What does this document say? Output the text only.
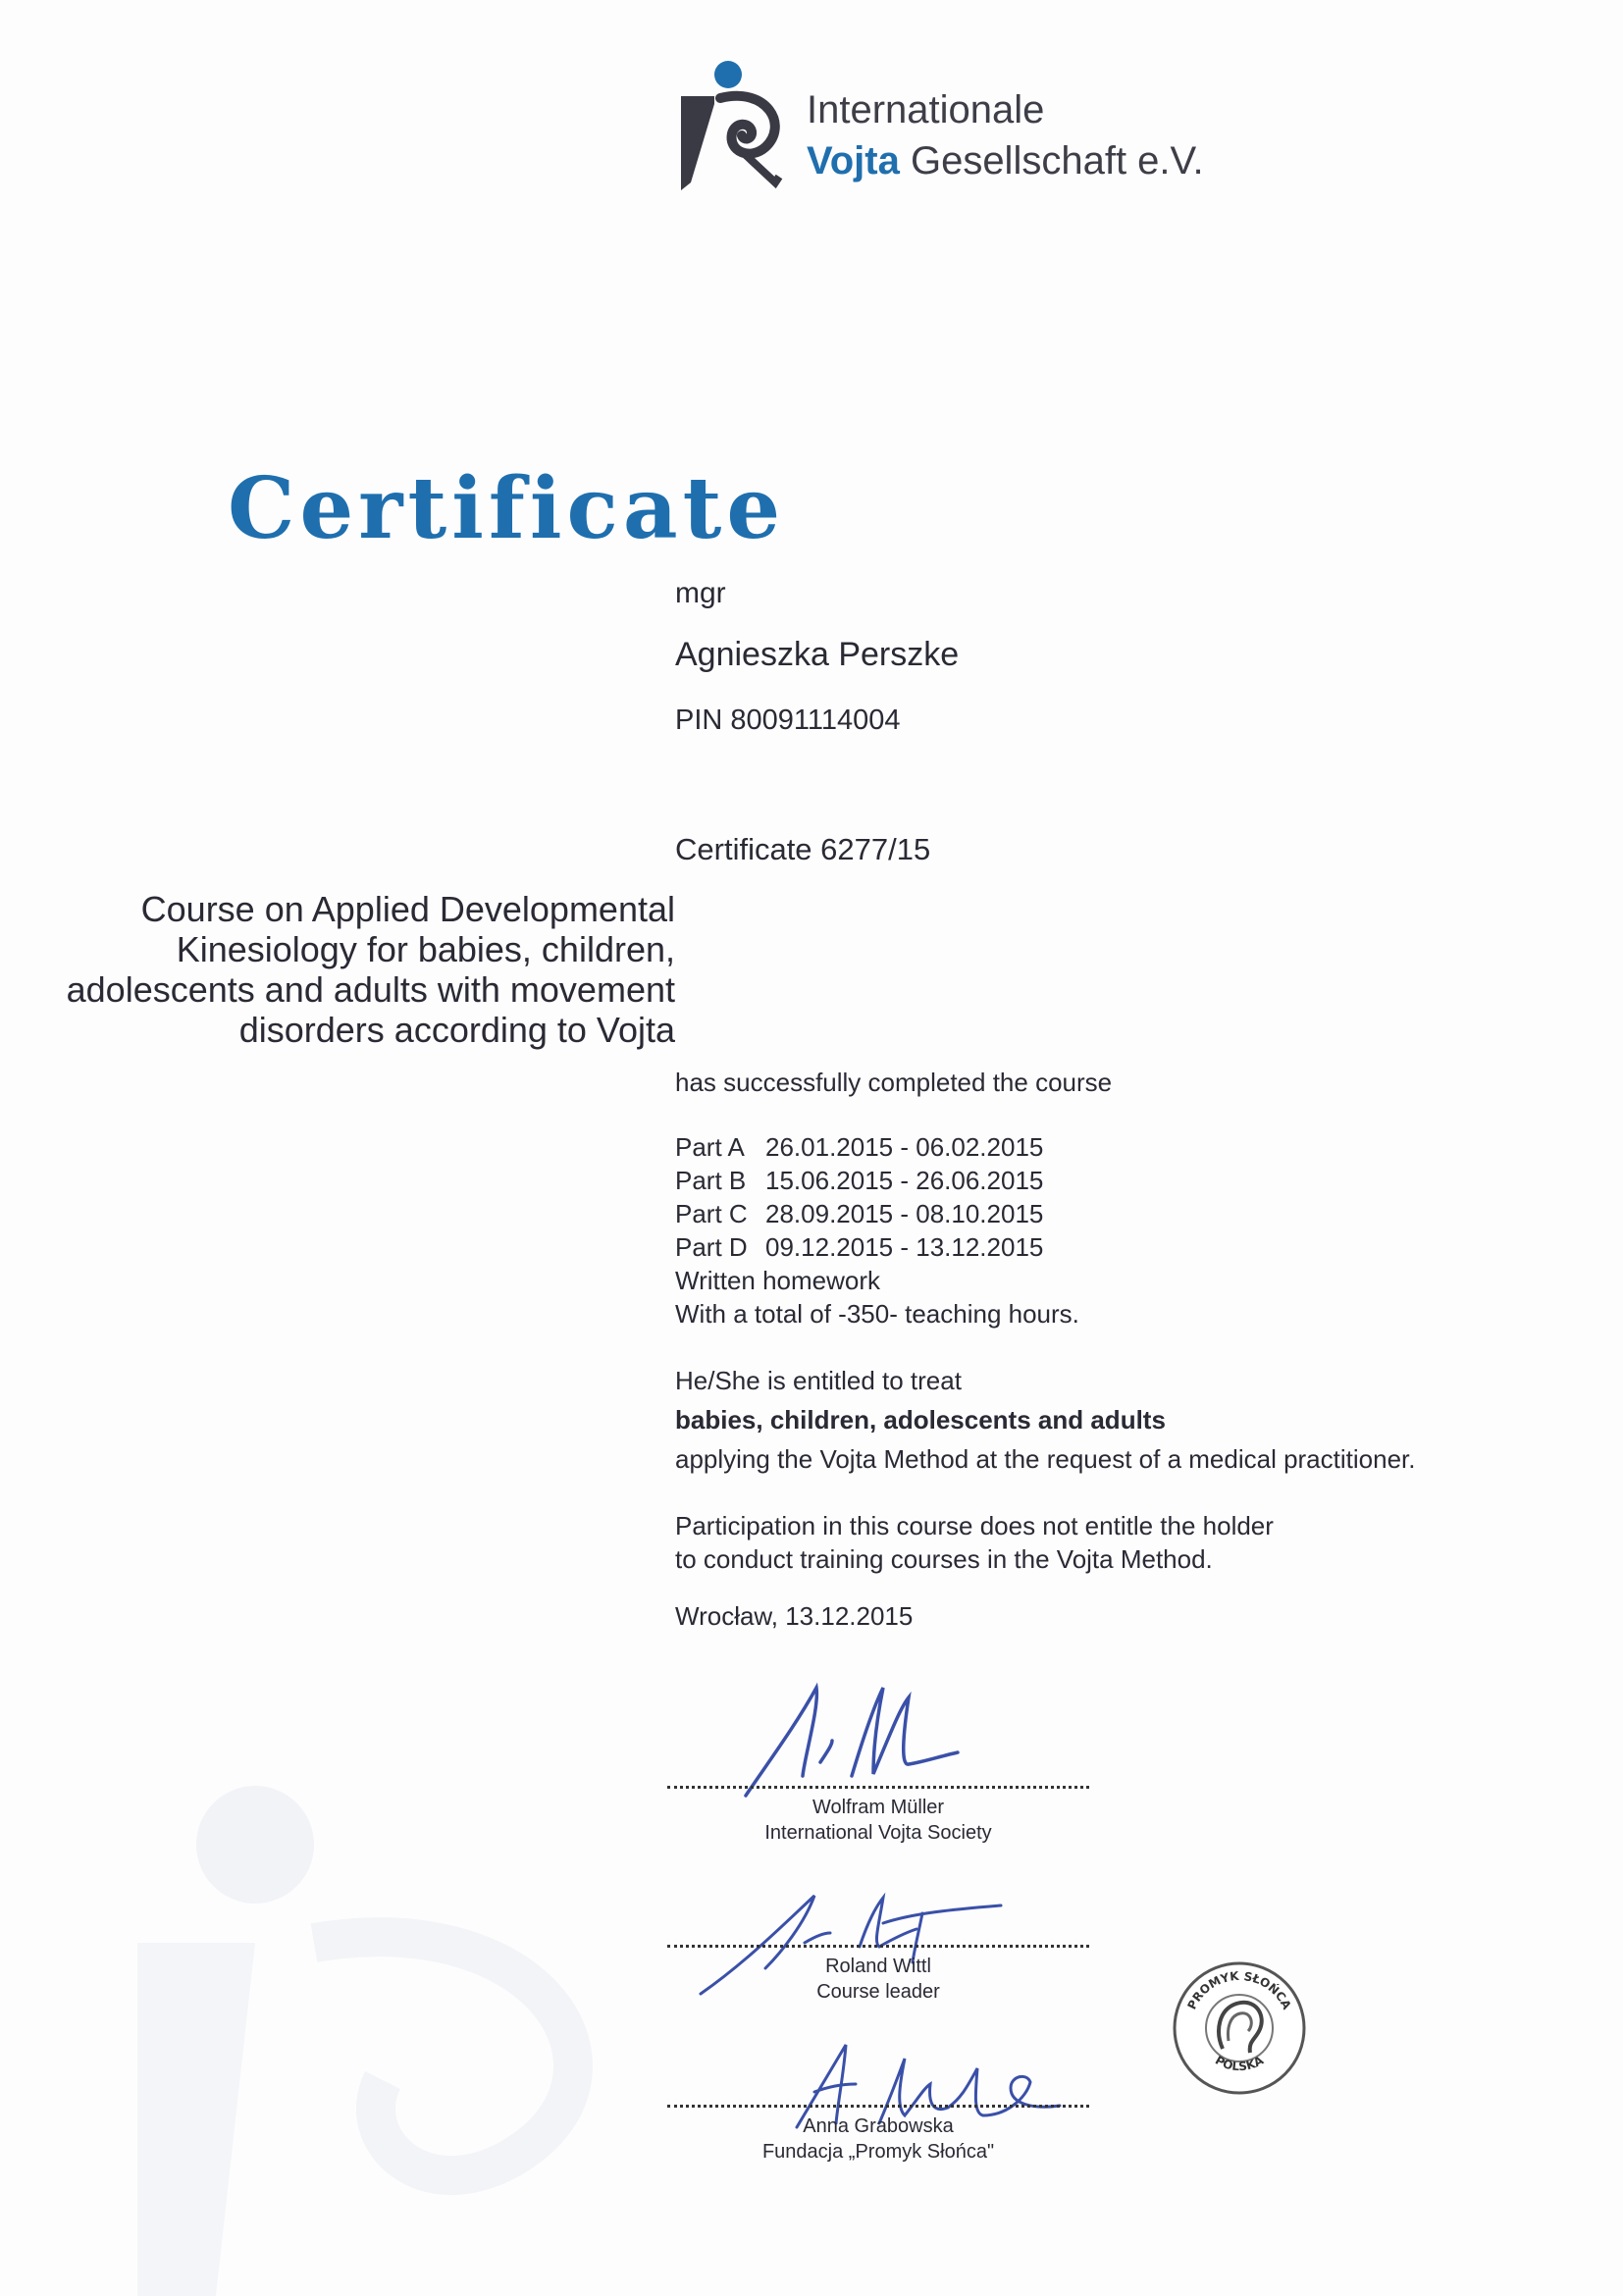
Internationale
Vojta Gesellschaft e.V.
Certificate
mgr
Agnieszka Perszke
PIN 80091114004
Certificate 6277/15
Course on Applied Developmental
Kinesiology for babies, children,
adolescents and adults with movement
disorders according to Vojta
has successfully completed the course
Part A 26.01.2015 - 06.02.2015
Part B 15.06.2015 - 26.06.2015
Part C 28.09.2015 - 08.10.2015
Part D 09.12.2015 - 13.12.2015
Written homework
With a total of -350- teaching hours.
He/She is entitled to treat
babies, children, adolescents and adults
applying the Vojta Method at the request of a medical practitioner.
Participation in this course does not entitle the holder
to conduct training courses in the Vojta Method.
Wrocław, 13.12.2015
Wolfram Müller
International Vojta Society
Roland Wittl
Course leader
Anna Grabowska
Fundacja „Promyk Słońca"
PROMYK SŁOŃCA
POLSKA
